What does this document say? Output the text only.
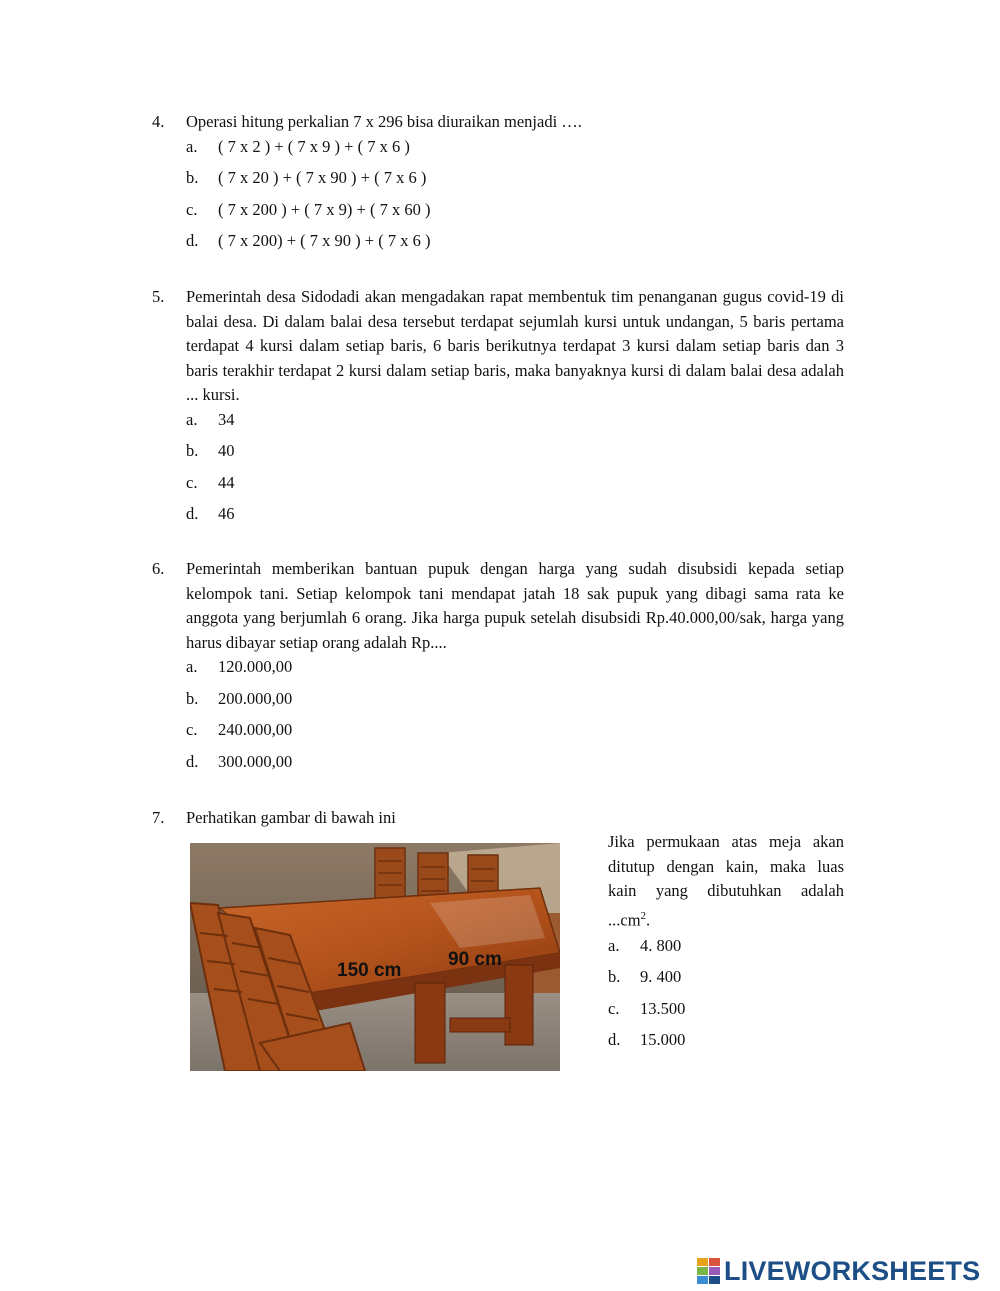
4. Operasi hitung perkalian 7 x 296 bisa diuraikan menjadi ….
a. ( 7 x 2 ) + ( 7 x 9 ) + ( 7 x 6 )
b. ( 7 x 20 ) + ( 7 x 90 ) + ( 7 x 6 )
c. ( 7 x 200 ) + ( 7 x 9) + ( 7 x 60 )
d. ( 7 x 200) + ( 7 x 90 ) + ( 7 x 6 )
5. Pemerintah desa Sidodadi akan mengadakan rapat membentuk tim penanganan gugus covid-19 di balai desa. Di dalam balai desa tersebut terdapat sejumlah kursi untuk undangan, 5 baris pertama terdapat 4 kursi dalam setiap baris, 6 baris berikutnya terdapat 3 kursi dalam setiap baris dan 3 baris terakhir terdapat 2 kursi dalam setiap baris, maka banyaknya kursi di dalam balai desa adalah ... kursi.
a. 34
b. 40
c. 44
d. 46
6. Pemerintah memberikan bantuan pupuk dengan harga yang sudah disubsidi kepada setiap kelompok tani. Setiap kelompok tani mendapat jatah 18 sak pupuk yang dibagi sama rata ke anggota yang berjumlah 6 orang. Jika harga pupuk setelah disubsidi Rp.40.000,00/sak, harga yang harus dibayar setiap orang adalah Rp....
a. 120.000,00
b. 200.000,00
c. 240.000,00
d. 300.000,00
7. Perhatikan gambar di bawah ini
150 cm
90 cm
Jika permukaan atas meja akan ditutup dengan kain, maka luas kain yang dibutuhkan adalah $...cm^2$.
a. 4. 800
b. 9. 400
c. 13.500
d. 15.000
LIVEWORKSHEETS
